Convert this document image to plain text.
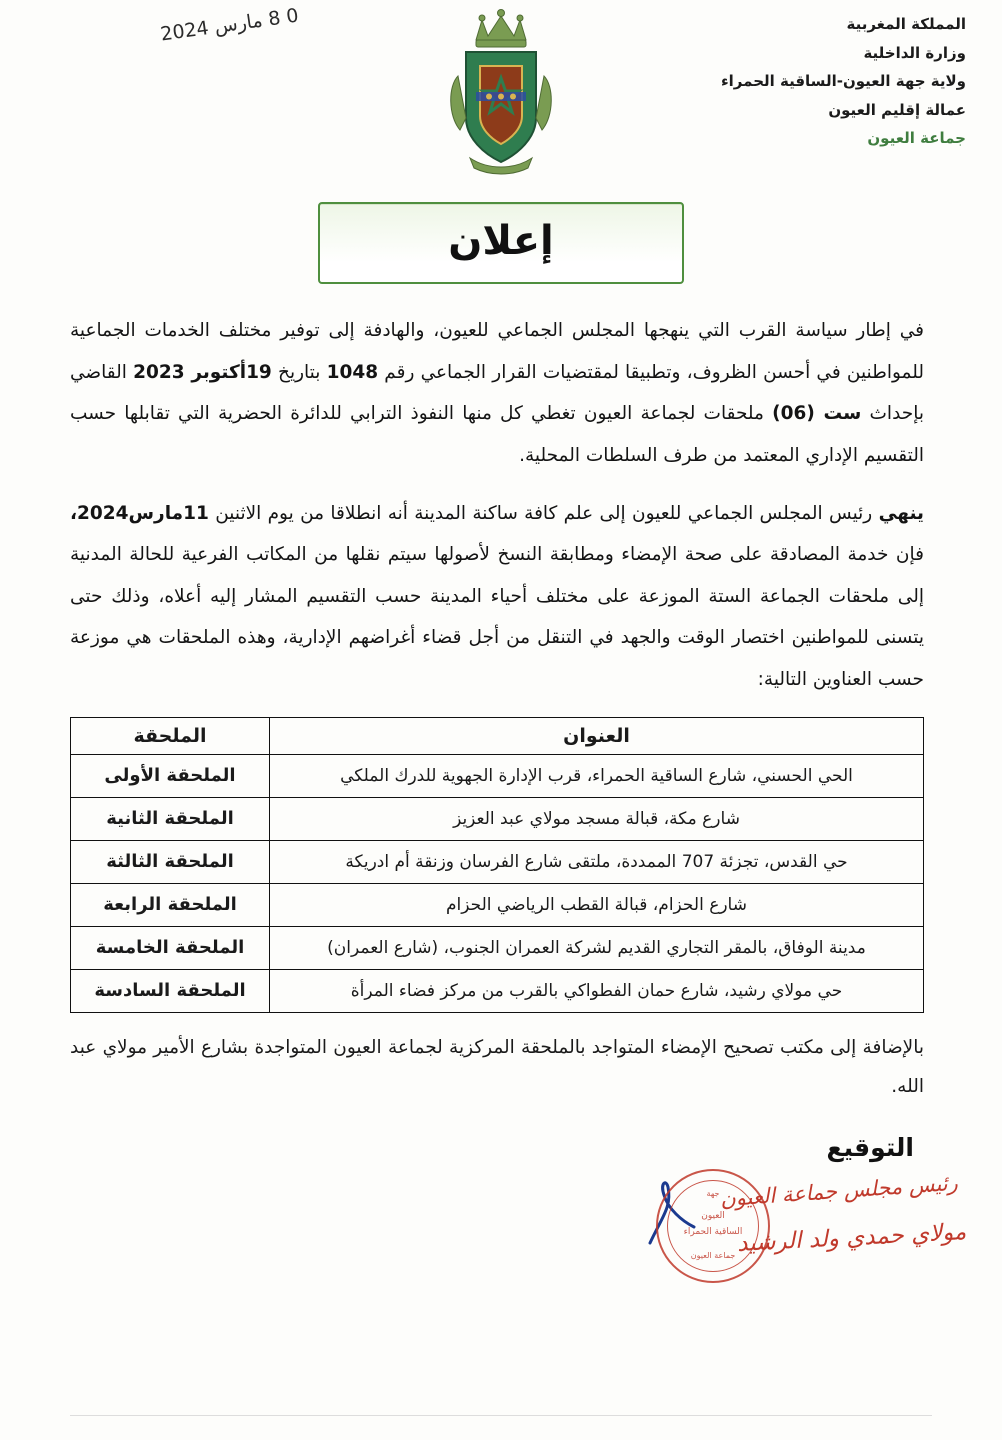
0 8 مارس 2024	المملكة المغربية
وزارة الداخلية
ولاية جهة العيون-الساقية الحمراء
عمالة إقليم العيون
جماعة العيون
إعلان

في إطار سياسة القرب التي ينهجها المجلس الجماعي للعيون، والهادفة إلى توفير مختلف الخدمات الجماعية للمواطنين في أحسن الظروف، وتطبيقا لمقتضيات القرار الجماعي رقم 1048 بتاريخ 19أكتوبر 2023 القاضي بإحداث ست (06) ملحقات لجماعة العيون تغطي كل منها النفوذ الترابي للدائرة الحضرية التي تقابلها حسب التقسيم الإداري المعتمد من طرف السلطات المحلية.

ينهي رئيس المجلس الجماعي للعيون إلى علم كافة ساكنة المدينة أنه انطلاقا من يوم الاثنين 11مارس2024، فإن خدمة المصادقة على صحة الإمضاء ومطابقة النسخ لأصولها سيتم نقلها من المكاتب الفرعية للحالة المدنية إلى ملحقات الجماعة الستة الموزعة على مختلف أحياء المدينة حسب التقسيم المشار إليه أعلاه، وذلك حتى يتسنى للمواطنين اختصار الوقت والجهد في التنقل من أجل قضاء أغراضهم الإدارية، وهذه الملحقات هي موزعة حسب العناوين التالية:

العنوان	الملحقة
الحي الحسني، شارع الساقية الحمراء، قرب الإدارة الجهوية للدرك الملكي	الملحقة الأولى
شارع مكة، قبالة مسجد مولاي عبد العزيز	الملحقة الثانية
حي القدس، تجزئة 707 الممددة، ملتقى شارع الفرسان وزنقة أم ادريكة	الملحقة الثالثة
شارع الحزام، قبالة القطب الرياضي الحزام	الملحقة الرابعة
مدينة الوفاق، بالمقر التجاري القديم لشركة العمران الجنوب، (شارع العمران)	الملحقة الخامسة
حي مولاي رشيد، شارع حمان الفطواكي بالقرب من مركز فضاء المرأة	الملحقة السادسة
بالإضافة إلى مكتب تصحيح الإمضاء المتواجد بالملحقة المركزية لجماعة العيون المتواجدة بشارع الأمير مولاي عبد الله.
التوقيع
رئيس مجلس جماعة العيون
مولاي حمدي ولد الرشيد
جهة
العيون
الساقية الحمراء
جماعة العيون
